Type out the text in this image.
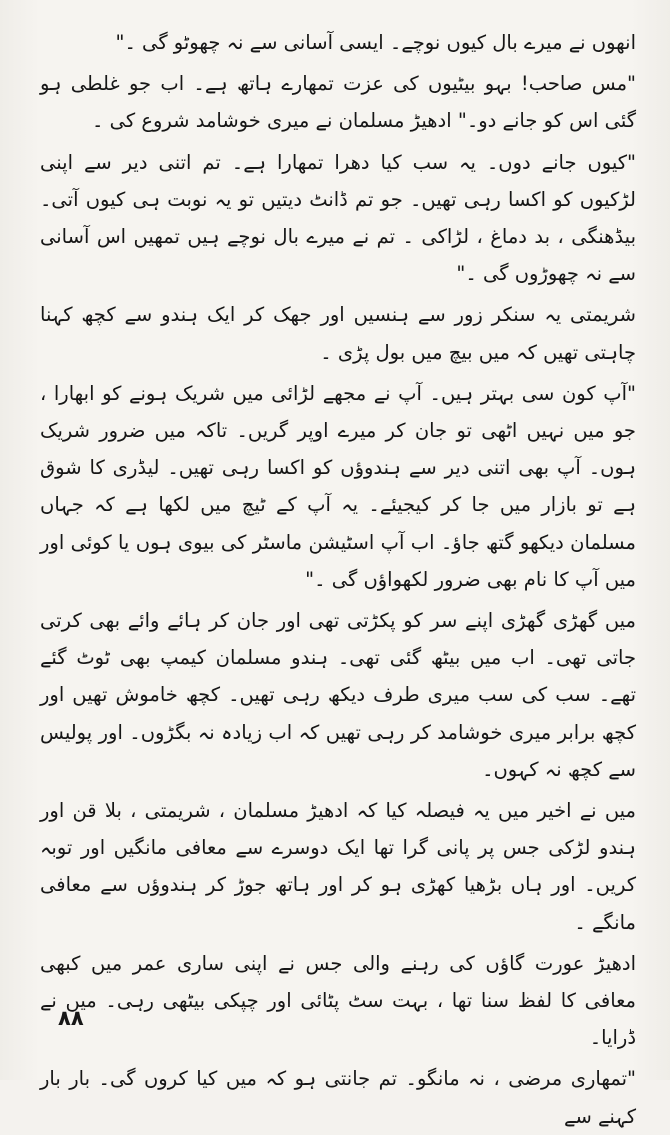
انھوں نے میرے بال کیوں نوچے۔ ایسی آسانی سے نہ چھوٹو گی ۔"

"مس صاحب! بہو بیٹیوں کی عزت تمھارے ہاتھ ہے۔ اب جو غلطی ہو گئی اس کو جانے دو۔" ادھیڑ مسلمان نے میری خوشامد شروع کی ۔

"کیوں جانے دوں۔ یہ سب کیا دھرا تمھارا ہے۔ تم اتنی دیر سے اپنی لڑکیوں کو اکسا رہی تھیں۔ جو تم ڈانٹ دیتیں تو یہ نوبت ہی کیوں آتی۔ بیڈھنگی ، بد دماغ ، لڑاکی ۔ تم نے میرے بال نوچے ہیں تمھیں اس آسانی سے نہ چھوڑوں گی ۔"

شریمتی یہ سنکر زور سے ہنسیں اور جھک کر ایک ہندو سے کچھ کہنا چاہتی تھیں کہ میں بیچ میں بول پڑی ۔

"آپ کون سی بہتر ہیں۔ آپ نے مجھے لڑائی میں شریک ہونے کو ابھارا ، جو میں نہیں اٹھی تو جان کر میرے اوپر گریں۔ تاکہ میں ضرور شریک ہوں۔ آپ بھی اتنی دیر سے ہندوؤں کو اکسا رہی تھیں۔ لیڈری کا شوق ہے تو بازار میں جا کر کیجیئے۔ یہ آپ کے ٹیچ میں لکھا ہے کہ جہاں مسلمان دیکھو گتھ جاؤ۔ اب آپ اسٹیشن ماسٹر کی بیوی ہوں یا کوئی اور میں آپ کا نام بھی ضرور لکھواؤں گی ۔"

میں گھڑی گھڑی اپنے سر کو پکڑتی تھی اور جان کر ہائے وائے بھی کرتی جاتی تھی۔ اب میں بیٹھ گئی تھی۔ ہندو مسلمان کیمپ بھی ٹوٹ گئے تھے۔ سب کی سب میری طرف دیکھ رہی تھیں۔ کچھ خاموش تھیں اور کچھ برابر میری خوشامد کر رہی تھیں کہ اب زیادہ نہ بگڑوں۔ اور پولیس سے کچھ نہ کہوں۔

میں نے اخیر میں یہ فیصلہ کیا کہ ادھیڑ مسلمان ، شریمتی ، بلا قن اور ہندو لڑکی جس پر پانی گرا تھا ایک دوسرے سے معافی مانگیں اور توبہ کریں۔ اور ہاں بڑھیا کھڑی ہو کر اور ہاتھ جوڑ کر ہندوؤں سے معافی مانگے ۔

ادھیڑ عورت گاؤں کی رہنے والی جس نے اپنی ساری عمر میں کبھی معافی کا لفظ سنا تھا ، بہت سٹ پٹائی اور چپکی بیٹھی رہی۔ میں نے ڈرایا۔

"تمھاری مرضی ، نہ مانگو۔ تم جانتی ہو کہ میں کیا کروں گی۔ بار بار کہنے سے

۸۸
